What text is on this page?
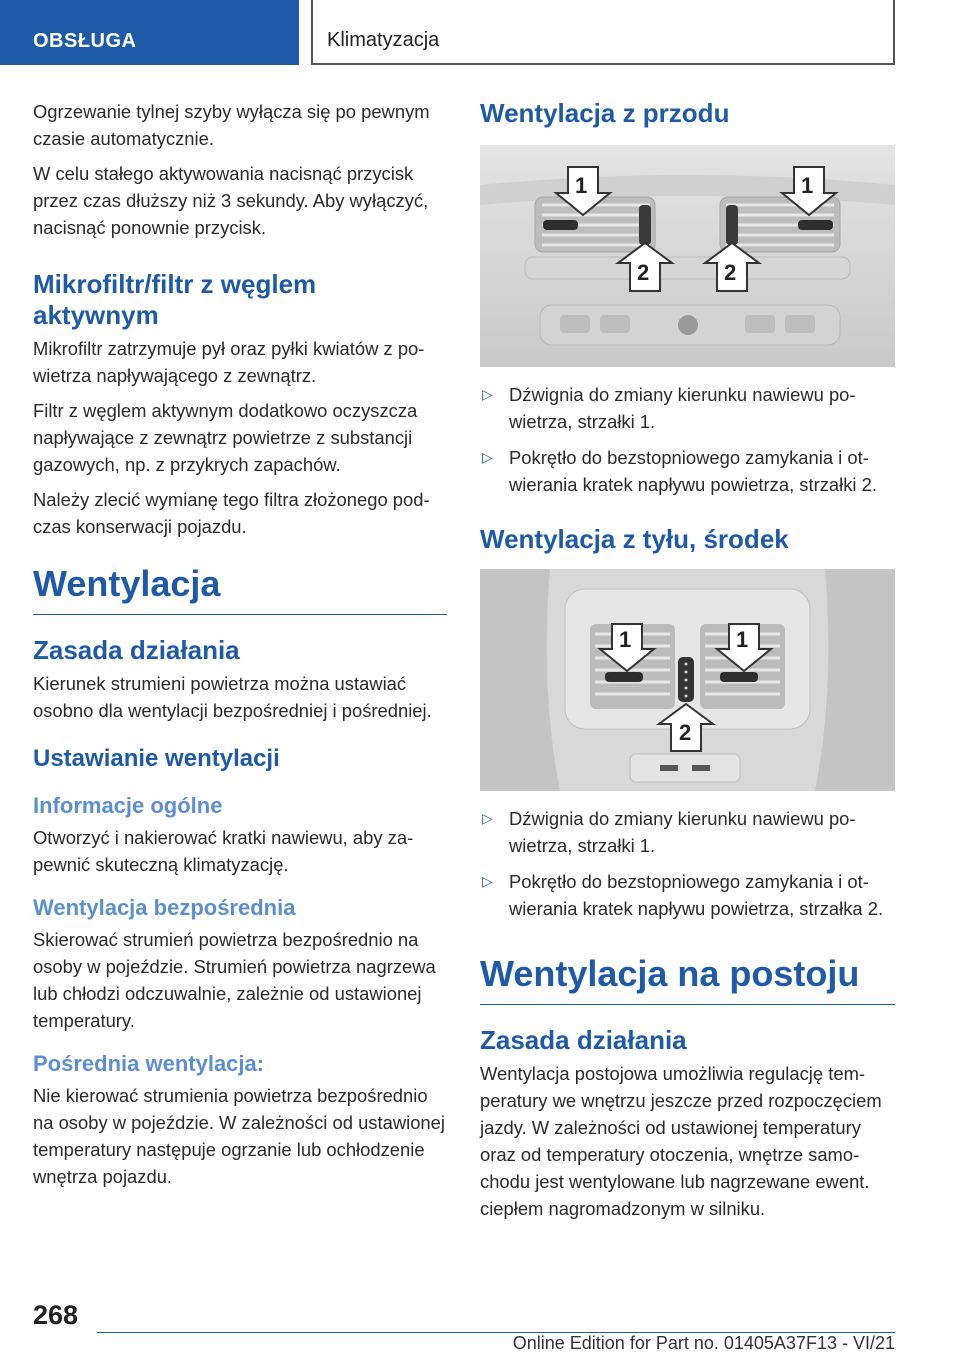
OBSŁUGA	Klimatyzacja

Ogrzewanie tylnej szyby wyłącza się po pewnym czasie automatycznie.

W celu stałego aktywowania nacisnąć przycisk przez czas dłuższy niż 3 sekundy. Aby wyłączyć, nacisnąć ponownie przycisk.

Mikrofiltr/filtr z węglem aktywnym

Mikrofiltr zatrzymuje pył oraz pyłki kwiatów z powietrza napływającego z zewnątrz.

Filtr z węglem aktywnym dodatkowo oczyszcza napływające z zewnątrz powietrze z substancji gazowych, np. z przykrych zapachów.

Należy zlecić wymianę tego filtra złożonego podczas konserwacji pojazdu.

Wentylacja
Zasada działania

Kierunek strumieni powietrza można ustawiać osobno dla wentylacji bezpośredniej i pośredniej.

Ustawianie wentylacji
Informacje ogólne

Otworzyć i nakierować kratki nawiewu, aby zapewnić skuteczną klimatyzację.

Wentylacja bezpośrednia

Skierować strumień powietrza bezpośrednio na osoby w pojeździe. Strumień powietrza nagrzewa lub chłodzi odczuwalnie, zależnie od ustawionej temperatury.

Pośrednia wentylacja:

Nie kierować strumienia powietrza bezpośrednio na osoby w pojeździe. W zależności od ustawionej temperatury następuje ogrzanie lub ochłodzenie wnętrza pojazdu.

Wentylacja z przodu
1	1
2	2
▷ Dźwignia do zmiany kierunku nawiewu powietrza, strzałki 1.
▷ Pokrętło do bezstopniowego zamykania i otwierania kratek napływu powietrza, strzałki 2.
Wentylacja z tyłu, środek
1	1
2
▷ Dźwignia do zmiany kierunku nawiewu powietrza, strzałki 1.
▷ Pokrętło do bezstopniowego zamykania i otwierania kratek napływu powietrza, strzałka 2.
Wentylacja na postoju
Zasada działania

Wentylacja postojowa umożliwia regulację temperatury we wnętrzu jeszcze przed rozpoczęciem jazdy. W zależności od ustawionej temperatury oraz od temperatury otoczenia, wnętrze samochodu jest wentylowane lub nagrzewane ewent. ciepłem nagromadzonym w silniku.

268
Online Edition for Part no. 01405A37F13 - VI/21
